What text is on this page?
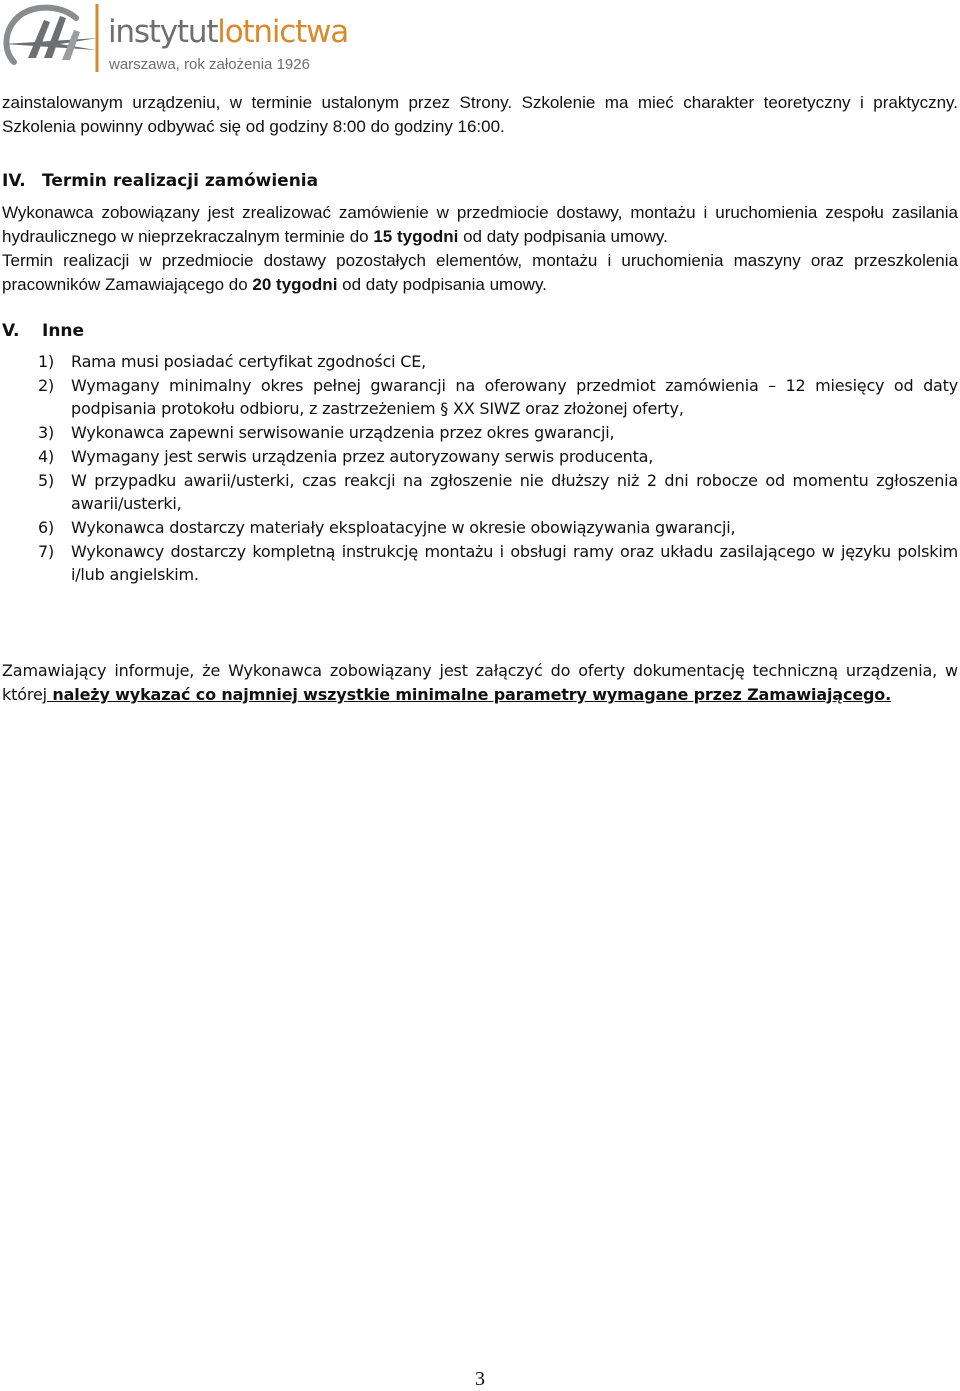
instytutlotnictwa
warszawa, rok założenia 1926

zainstalowanym urządzeniu, w terminie ustalonym przez Strony. Szkolenie ma mieć charakter teoretyczny i praktyczny. Szkolenia powinny odbywać się od godziny 8:00 do godziny 16:00.

IV. Termin realizacji zamówienia

Wykonawca zobowiązany jest zrealizować zamówienie w przedmiocie dostawy, montażu i uruchomienia zespołu zasilania hydraulicznego w nieprzekraczalnym terminie do 15 tygodni od daty podpisania umowy.

Termin realizacji w przedmiocie dostawy pozostałych elementów, montażu i uruchomienia maszyny oraz przeszkolenia pracowników Zamawiającego do 20 tygodni od daty podpisania umowy.

V. Inne
1) Rama musi posiadać certyfikat zgodności CE,
2) Wymagany minimalny okres pełnej gwarancji na oferowany przedmiot zamówienia – 12 miesięcy od daty podpisania protokołu odbioru, z zastrzeżeniem § XX SIWZ oraz złożonej oferty,
3) Wykonawca zapewni serwisowanie urządzenia przez okres gwarancji,
4) Wymagany jest serwis urządzenia przez autoryzowany serwis producenta,
5) W przypadku awarii/usterki, czas reakcji na zgłoszenie nie dłuższy niż 2 dni robocze od momentu zgłoszenia awarii/usterki,
6) Wykonawca dostarczy materiały eksploatacyjne w okresie obowiązywania gwarancji,
7) Wykonawcy dostarczy kompletną instrukcję montażu i obsługi ramy oraz układu zasilającego w języku polskim i/lub angielskim.

Zamawiający informuje, że Wykonawca zobowiązany jest załączyć do oferty dokumentację techniczną urządzenia, w której należy wykazać co najmniej wszystkie minimalne parametry wymagane przez Zamawiającego.

3
